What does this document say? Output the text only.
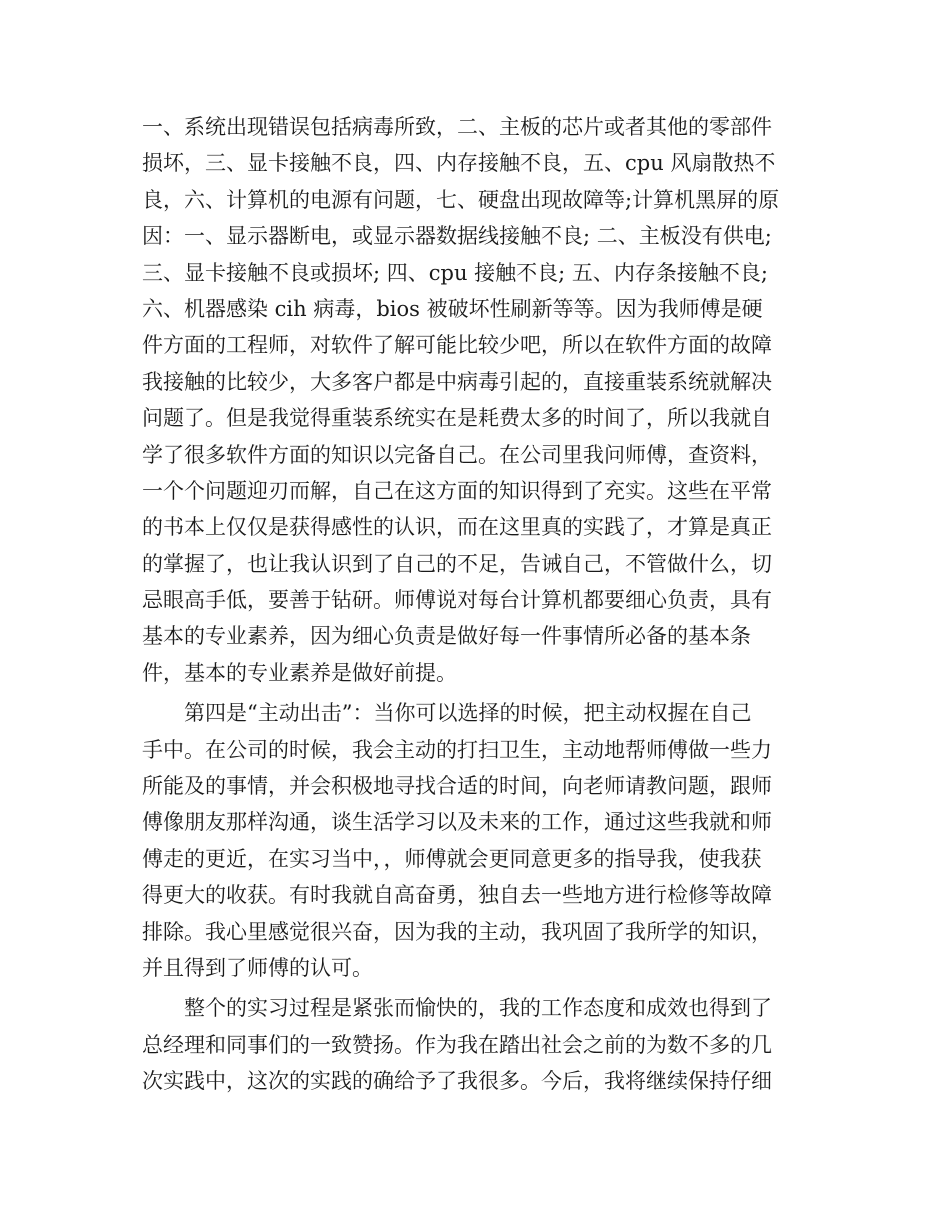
一、系统出现错误包括病毒所致，二、主板的芯片或者其他的零部件
损坏，三、显卡接触不良，四、内存接触不良，五、cpu 风扇散热不
良，六、计算机的电源有问题，七、硬盘出现故障等;计算机黑屏的原
因：一、显示器断电，或显示器数据线接触不良; 二、主板没有供电;
三、显卡接触不良或损坏; 四、cpu 接触不良; 五、内存条接触不良;
六、机器感染 cih 病毒，bios 被破坏性刷新等等。因为我师傅是硬
件方面的工程师，对软件了解可能比较少吧，所以在软件方面的故障
我接触的比较少，大多客户都是中病毒引起的，直接重装系统就解决
问题了。但是我觉得重装系统实在是耗费太多的时间了，所以我就自
学了很多软件方面的知识以完备自己。在公司里我问师傅，查资料，
一个个问题迎刃而解，自己在这方面的知识得到了充实。这些在平常
的书本上仅仅是获得感性的认识，而在这里真的实践了，才算是真正
的掌握了，也让我认识到了自己的不足，告诫自己，不管做什么，切
忌眼高手低，要善于钻研。师傅说对每台计算机都要细心负责，具有
基本的专业素养，因为细心负责是做好每一件事情所必备的基本条
件，基本的专业素养是做好前提。
　　第四是“主动出击”：当你可以选择的时候，把主动权握在自己
手中。在公司的时候，我会主动的打扫卫生，主动地帮师傅做一些力
所能及的事情，并会积极地寻找合适的时间，向老师请教问题，跟师
傅像朋友那样沟通，谈生活学习以及未来的工作，通过这些我就和师
傅走的更近，在实习当中，，师傅就会更同意更多的指导我，使我获
得更大的收获。有时我就自高奋勇，独自去一些地方进行检修等故障
排除。我心里感觉很兴奋，因为我的主动，我巩固了我所学的知识，
并且得到了师傅的认可。
　　整个的实习过程是紧张而愉快的，我的工作态度和成效也得到了
总经理和同事们的一致赞扬。作为我在踏出社会之前的为数不多的几
次实践中，这次的实践的确给予了我很多。今后，我将继续保持仔细
